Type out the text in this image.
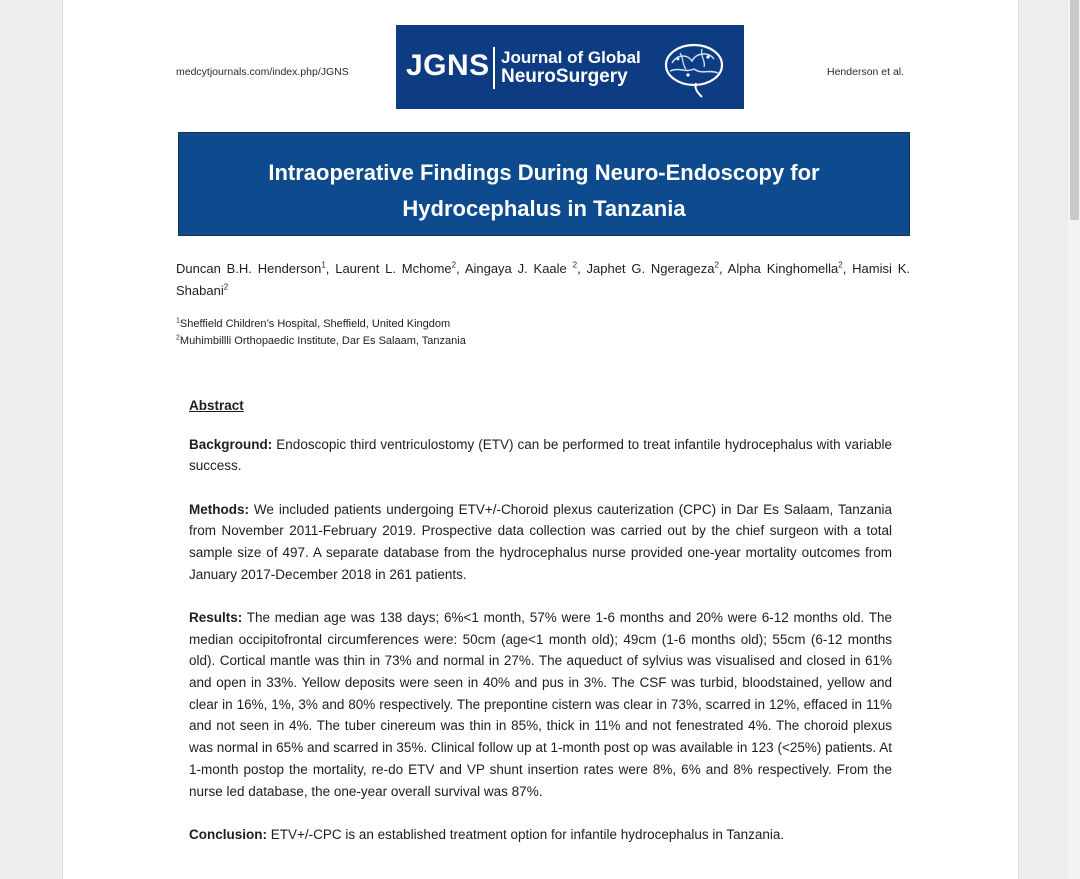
medcytjournals.com/index.php/JGNS	Henderson et al.
JGNS Journal of Global
NeuroSurgery
Intraoperative Findings During Neuro-Endoscopy for Hydrocephalus in Tanzania
Duncan B.H. Henderson$^1$, Laurent L. Mchome$^2$, Aingaya J. Kaale $^2$, Japhet G. Ngerageza$^2$, Alpha Kinghomella$^2$, Hamisi K. Shabani$^2$
$^1$Sheffield Children’s Hospital, Sheffield, United Kingdom
$^2$Muhimbillli Orthopaedic Institute, Dar Es Salaam, Tanzania

Abstract

Background: Endoscopic third ventriculostomy (ETV) can be performed to treat infantile hydrocephalus with variable success.

Methods: We included patients undergoing ETV+/-Choroid plexus cauterization (CPC) in Dar Es Salaam, Tanzania from November 2011-February 2019. Prospective data collection was carried out by the chief surgeon with a total sample size of 497. A separate database from the hydrocephalus nurse provided one-year mortality outcomes from January 2017-December 2018 in 261 patients.

Results: The median age was 138 days; 6%<1 month, 57% were 1-6 months and 20% were 6-12 months old. The median occipitofrontal circumferences were: 50cm (age<1 month old); 49cm (1-6 months old); 55cm (6-12 months old). Cortical mantle was thin in 73% and normal in 27%. The aqueduct of sylvius was visualised and closed in 61% and open in 33%. Yellow deposits were seen in 40% and pus in 3%. The CSF was turbid, bloodstained, yellow and clear in 16%, 1%, 3% and 80% respectively. The prepontine cistern was clear in 73%, scarred in 12%, effaced in 11% and not seen in 4%. The tuber cinereum was thin in 85%, thick in 11% and not fenestrated 4%. The choroid plexus was normal in 65% and scarred in 35%. Clinical follow up at 1-month post op was available in 123 (<25%) patients. At 1-month postop the mortality, re-do ETV and VP shunt insertion rates were 8%, 6% and 8% respectively. From the nurse led database, the one-year overall survival was 87%.

Conclusion: ETV+/-CPC is an established treatment option for infantile hydrocephalus in Tanzania.
